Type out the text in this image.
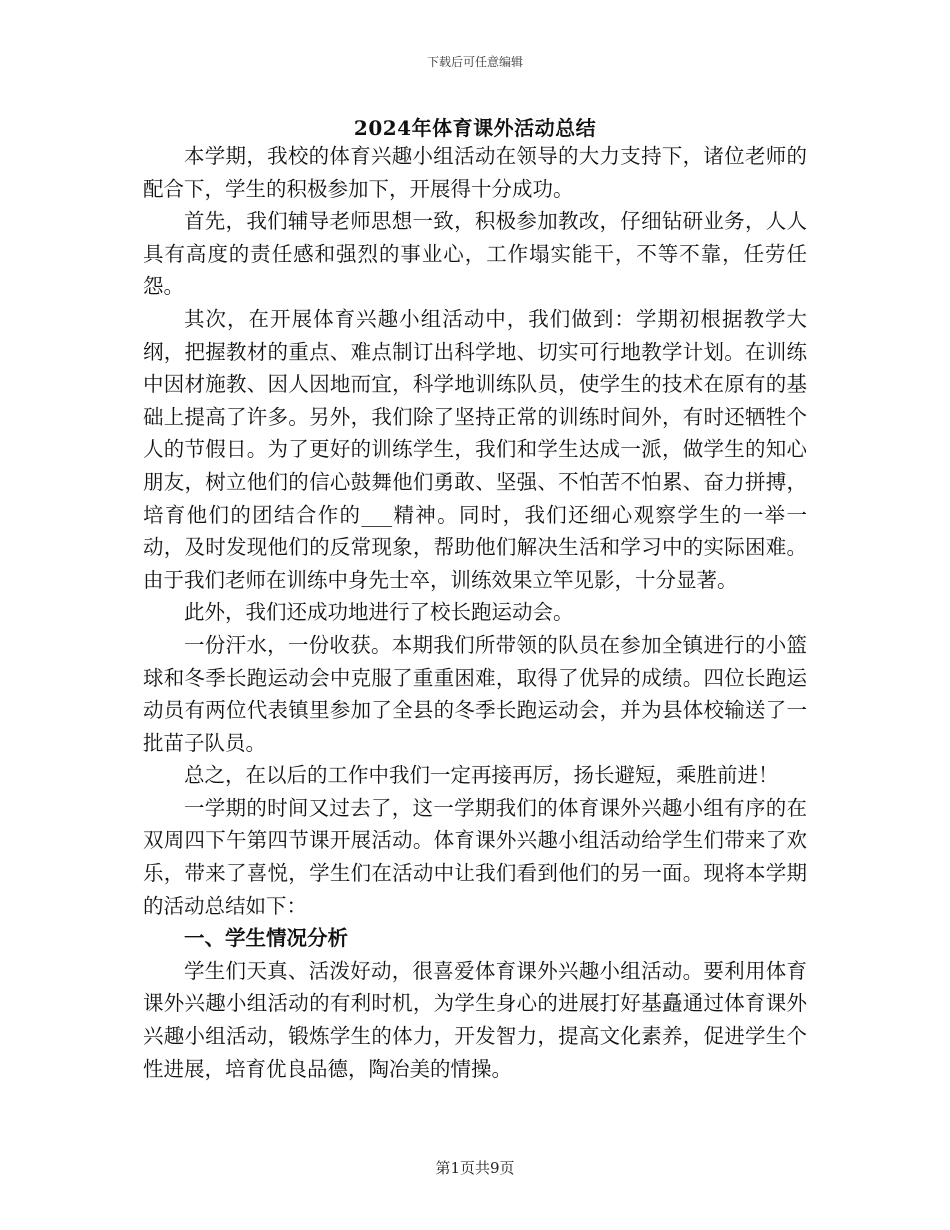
下载后可任意编辑
2024年体育课外活动总结

本学期，我校的体育兴趣小组活动在领导的大力支持下，诸位老师的配合下，学生的积极参加下，开展得十分成功。

首先，我们辅导老师思想一致，积极参加教改，仔细钻研业务，人人具有高度的责任感和强烈的事业心，工作塌实能干，不等不靠，任劳任怨。

其次，在开展体育兴趣小组活动中，我们做到：学期初根据教学大纲，把握教材的重点、难点制订出科学地、切实可行地教学计划。在训练中因材施教、因人因地而宜，科学地训练队员，使学生的技术在原有的基础上提高了许多。另外，我们除了坚持正常的训练时间外，有时还牺牲个人的节假日。为了更好的训练学生，我们和学生达成一派，做学生的知心朋友，树立他们的信心鼓舞他们勇敢、坚强、不怕苦不怕累、奋力拼搏，培育他们的团结合作的___精神。同时，我们还细心观察学生的一举一动，及时发现他们的反常现象，帮助他们解决生活和学习中的实际困难。由于我们老师在训练中身先士卒，训练效果立竿见影，十分显著。

此外，我们还成功地进行了校长跑运动会。

一份汗水，一份收获。本期我们所带领的队员在参加全镇进行的小篮球和冬季长跑运动会中克服了重重困难，取得了优异的成绩。四位长跑运动员有两位代表镇里参加了全县的冬季长跑运动会，并为县体校输送了一批苗子队员。

总之，在以后的工作中我们一定再接再厉，扬长避短，乘胜前进！

一学期的时间又过去了，这一学期我们的体育课外兴趣小组有序的在双周四下午第四节课开展活动。体育课外兴趣小组活动给学生们带来了欢乐，带来了喜悦，学生们在活动中让我们看到他们的另一面。现将本学期的活动总结如下：

一、学生情况分析

学生们天真、活泼好动，很喜爱体育课外兴趣小组活动。要利用体育课外兴趣小组活动的有利时机，为学生身心的进展打好基矗通过体育课外兴趣小组活动，锻炼学生的体力，开发智力，提高文化素养，促进学生个性进展，培育优良品德，陶冶美的情操。

第1页共9页
